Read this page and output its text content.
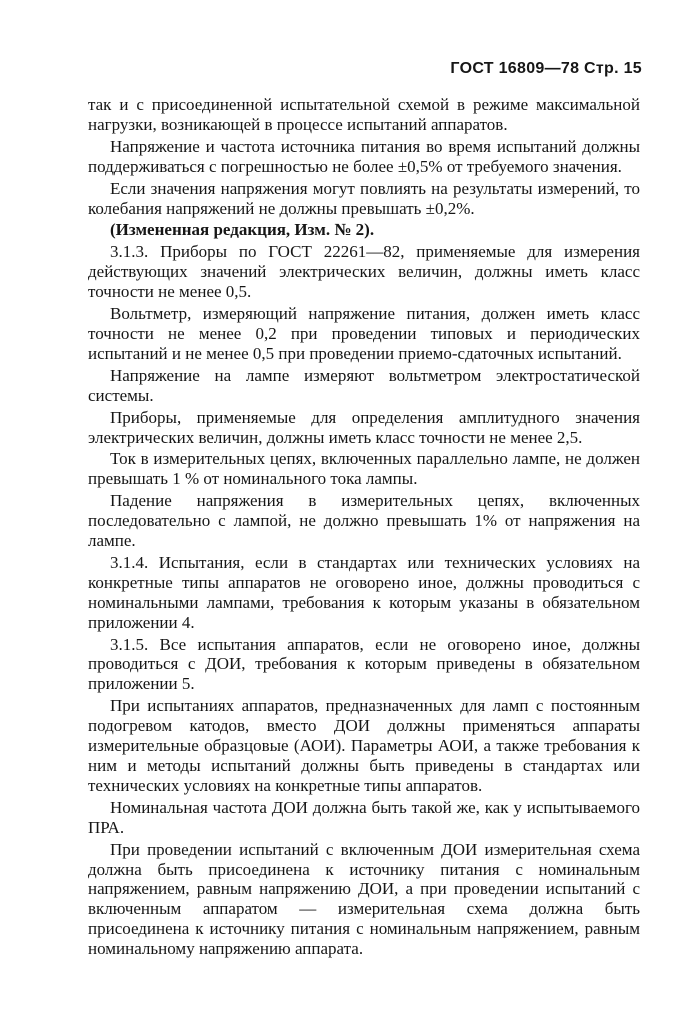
ГОСТ 16809—78 Стр. 15

так и с присоединенной испытательной схемой в режиме максимальной нагрузки, возникающей в процессе испытаний аппаратов.

Напряжение и частота источника питания во время испытаний должны поддерживаться с погрешностью не более ±0,5% от требуемого значения.

Если значения напряжения могут повлиять на результаты измерений, то колебания напряжений не должны превышать ±0,2%.

(Измененная редакция, Изм. № 2).

3.1.3. Приборы по ГОСТ 22261—82, применяемые для измерения действующих значений электрических величин, должны иметь класс точности не менее 0,5.

Вольтметр, измеряющий напряжение питания, должен иметь класс точности не менее 0,2 при проведении типовых и периодических испытаний и не менее 0,5 при проведении приемо-сдаточных испытаний.

Напряжение на лампе измеряют вольтметром электростатической системы.

Приборы, применяемые для определения амплитудного значения электрических величин, должны иметь класс точности не менее 2,5.

Ток в измерительных цепях, включенных параллельно лампе, не должен превышать 1 % от номинального тока лампы.

Падение напряжения в измерительных цепях, включенных последовательно с лампой, не должно превышать 1% от напряжения на лампе.

3.1.4. Испытания, если в стандартах или технических условиях на конкретные типы аппаратов не оговорено иное, должны проводиться с номинальными лампами, требования к которым указаны в обязательном приложении 4.

3.1.5. Все испытания аппаратов, если не оговорено иное, должны проводиться с ДОИ, требования к которым приведены в обязательном приложении 5.

При испытаниях аппаратов, предназначенных для ламп с постоянным подогревом катодов, вместо ДОИ должны применяться аппараты измерительные образцовые (АОИ). Параметры АОИ, а также требования к ним и методы испытаний должны быть приведены в стандартах или технических условиях на конкретные типы аппаратов.

Номинальная частота ДОИ должна быть такой же, как у испытываемого ПРА.

При проведении испытаний с включенным ДОИ измерительная схема должна быть присоединена к источнику питания с номинальным напряжением, равным напряжению ДОИ, а при проведении испытаний с включенным аппаратом — измерительная схема должна быть присоединена к источнику питания с номинальным напряжением, равным номинальному напряжению аппарата.
